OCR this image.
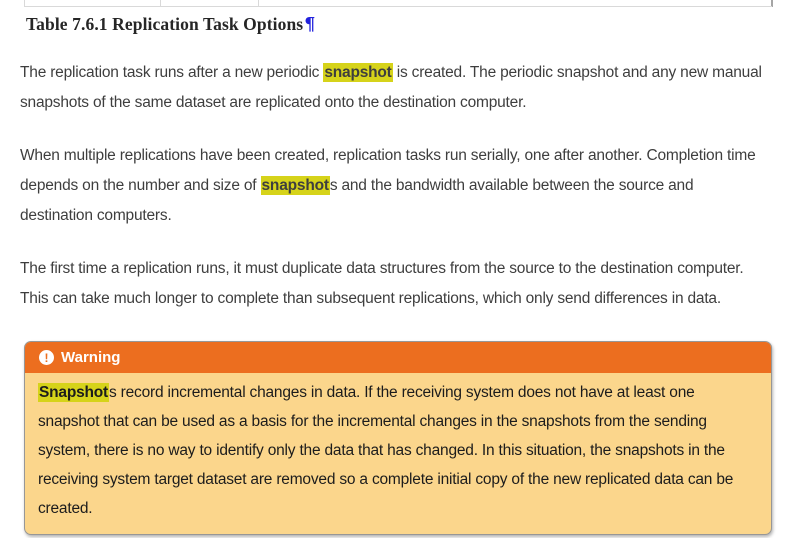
Table 7.6.1 Replication Task Options¶

The replication task runs after a new periodic snapshot is created. The periodic snapshot and any new manual snapshots of the same dataset are replicated onto the destination computer.

When multiple replications have been created, replication tasks run serially, one after another. Completion time depends on the number and size of snapshots and the bandwidth available between the source and destination computers.

The first time a replication runs, it must duplicate data structures from the source to the destination computer. This can take much longer to complete than subsequent replications, which only send differences in data.

! Warning
Snapshots record incremental changes in data. If the receiving system does not have at least one snapshot that can be used as a basis for the incremental changes in the snapshots from the sending system, there is no way to identify only the data that has changed. In this situation, the snapshots in the receiving system target dataset are removed so a complete initial copy of the new replicated data can be created.
